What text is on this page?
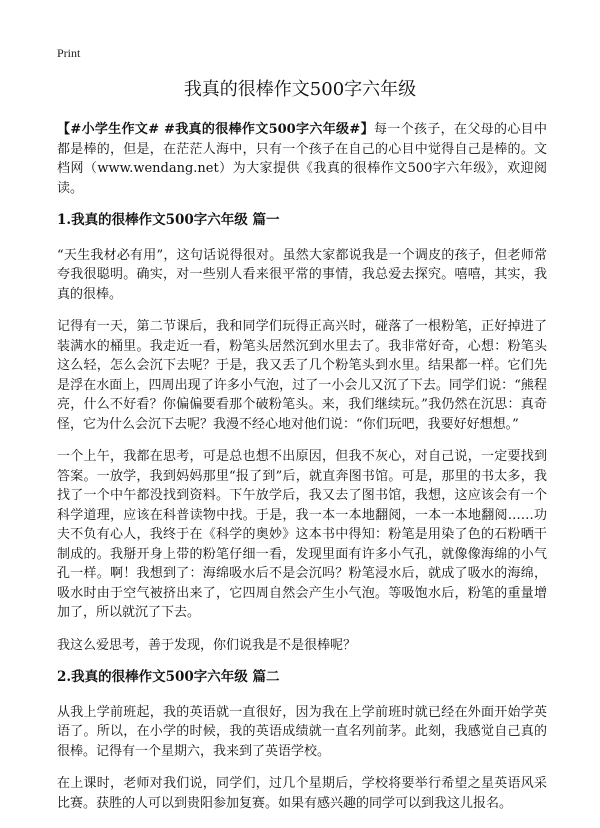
Print
我真的很棒作文500字六年级

【#小学生作文# #我真的很棒作文500字六年级#】每一个孩子，在父母的心目中都是棒的，但是，在茫茫人海中，只有一个孩子在自己的心目中觉得自己是棒的。文档网（www.wendang.net）为大家提供《我真的很棒作文500字六年级》，欢迎阅读。

1.我真的很棒作文500字六年级 篇一

“天生我材必有用”，这句话说得很对。虽然大家都说我是一个调皮的孩子，但老师常夸我很聪明。确实，对一些别人看来很平常的事情，我总爱去探究。嘻嘻，其实，我真的很棒。

记得有一天，第二节课后，我和同学们玩得正高兴时，碰落了一根粉笔，正好掉进了装满水的桶里。我走近一看，粉笔头居然沉到水里去了。我非常好奇，心想：粉笔头这么轻，怎么会沉下去呢？于是，我又丢了几个粉笔头到水里。结果都一样。它们先是浮在水面上，四周出现了许多小气泡，过了一小会儿又沉了下去。同学们说：“熊程亮，什么不好看？你偏偏要看那个破粉笔头。来，我们继续玩。”我仍然在沉思：真奇怪，它为什么会沉下去呢？我漫不经心地对他们说：“你们玩吧，我要好好想想。”

一个上午，我都在思考，可是总也想不出原因，但我不灰心，对自己说，一定要找到答案。一放学，我到妈妈那里“报了到”后，就直奔图书馆。可是，那里的书太多，我找了一个中午都没找到资料。下午放学后，我又去了图书馆，我想，这应该会有一个科学道理，应该在科普读物中找。于是，我一本一本地翻阅，一本一本地翻阅……功夫不负有心人，我终于在《科学的奥妙》这本书中得知：粉笔是用染了色的石粉晒干制成的。我掰开身上带的粉笔仔细一看，发现里面有许多小气孔，就像像海绵的小气孔一样。啊！我想到了：海绵吸水后不是会沉吗？粉笔浸水后，就成了吸水的海绵，吸水时由于空气被挤出来了，它四周自然会产生小气泡。等吸饱水后，粉笔的重量增加了，所以就沉了下去。

我这么爱思考，善于发现，你们说我是不是很棒呢？

2.我真的很棒作文500字六年级 篇二

从我上学前班起，我的英语就一直很好，因为我在上学前班时就已经在外面开始学英语了。所以，在小学的时候，我的英语成绩就一直名列前茅。此刻，我感觉自己真的很棒。记得有一个星期六，我来到了英语学校。

在上课时，老师对我们说，同学们，过几个星期后，学校将要举行希望之星英语风采比赛。获胜的人可以到贵阳参加复赛。如果有感兴趣的同学可以到我这儿报名。
